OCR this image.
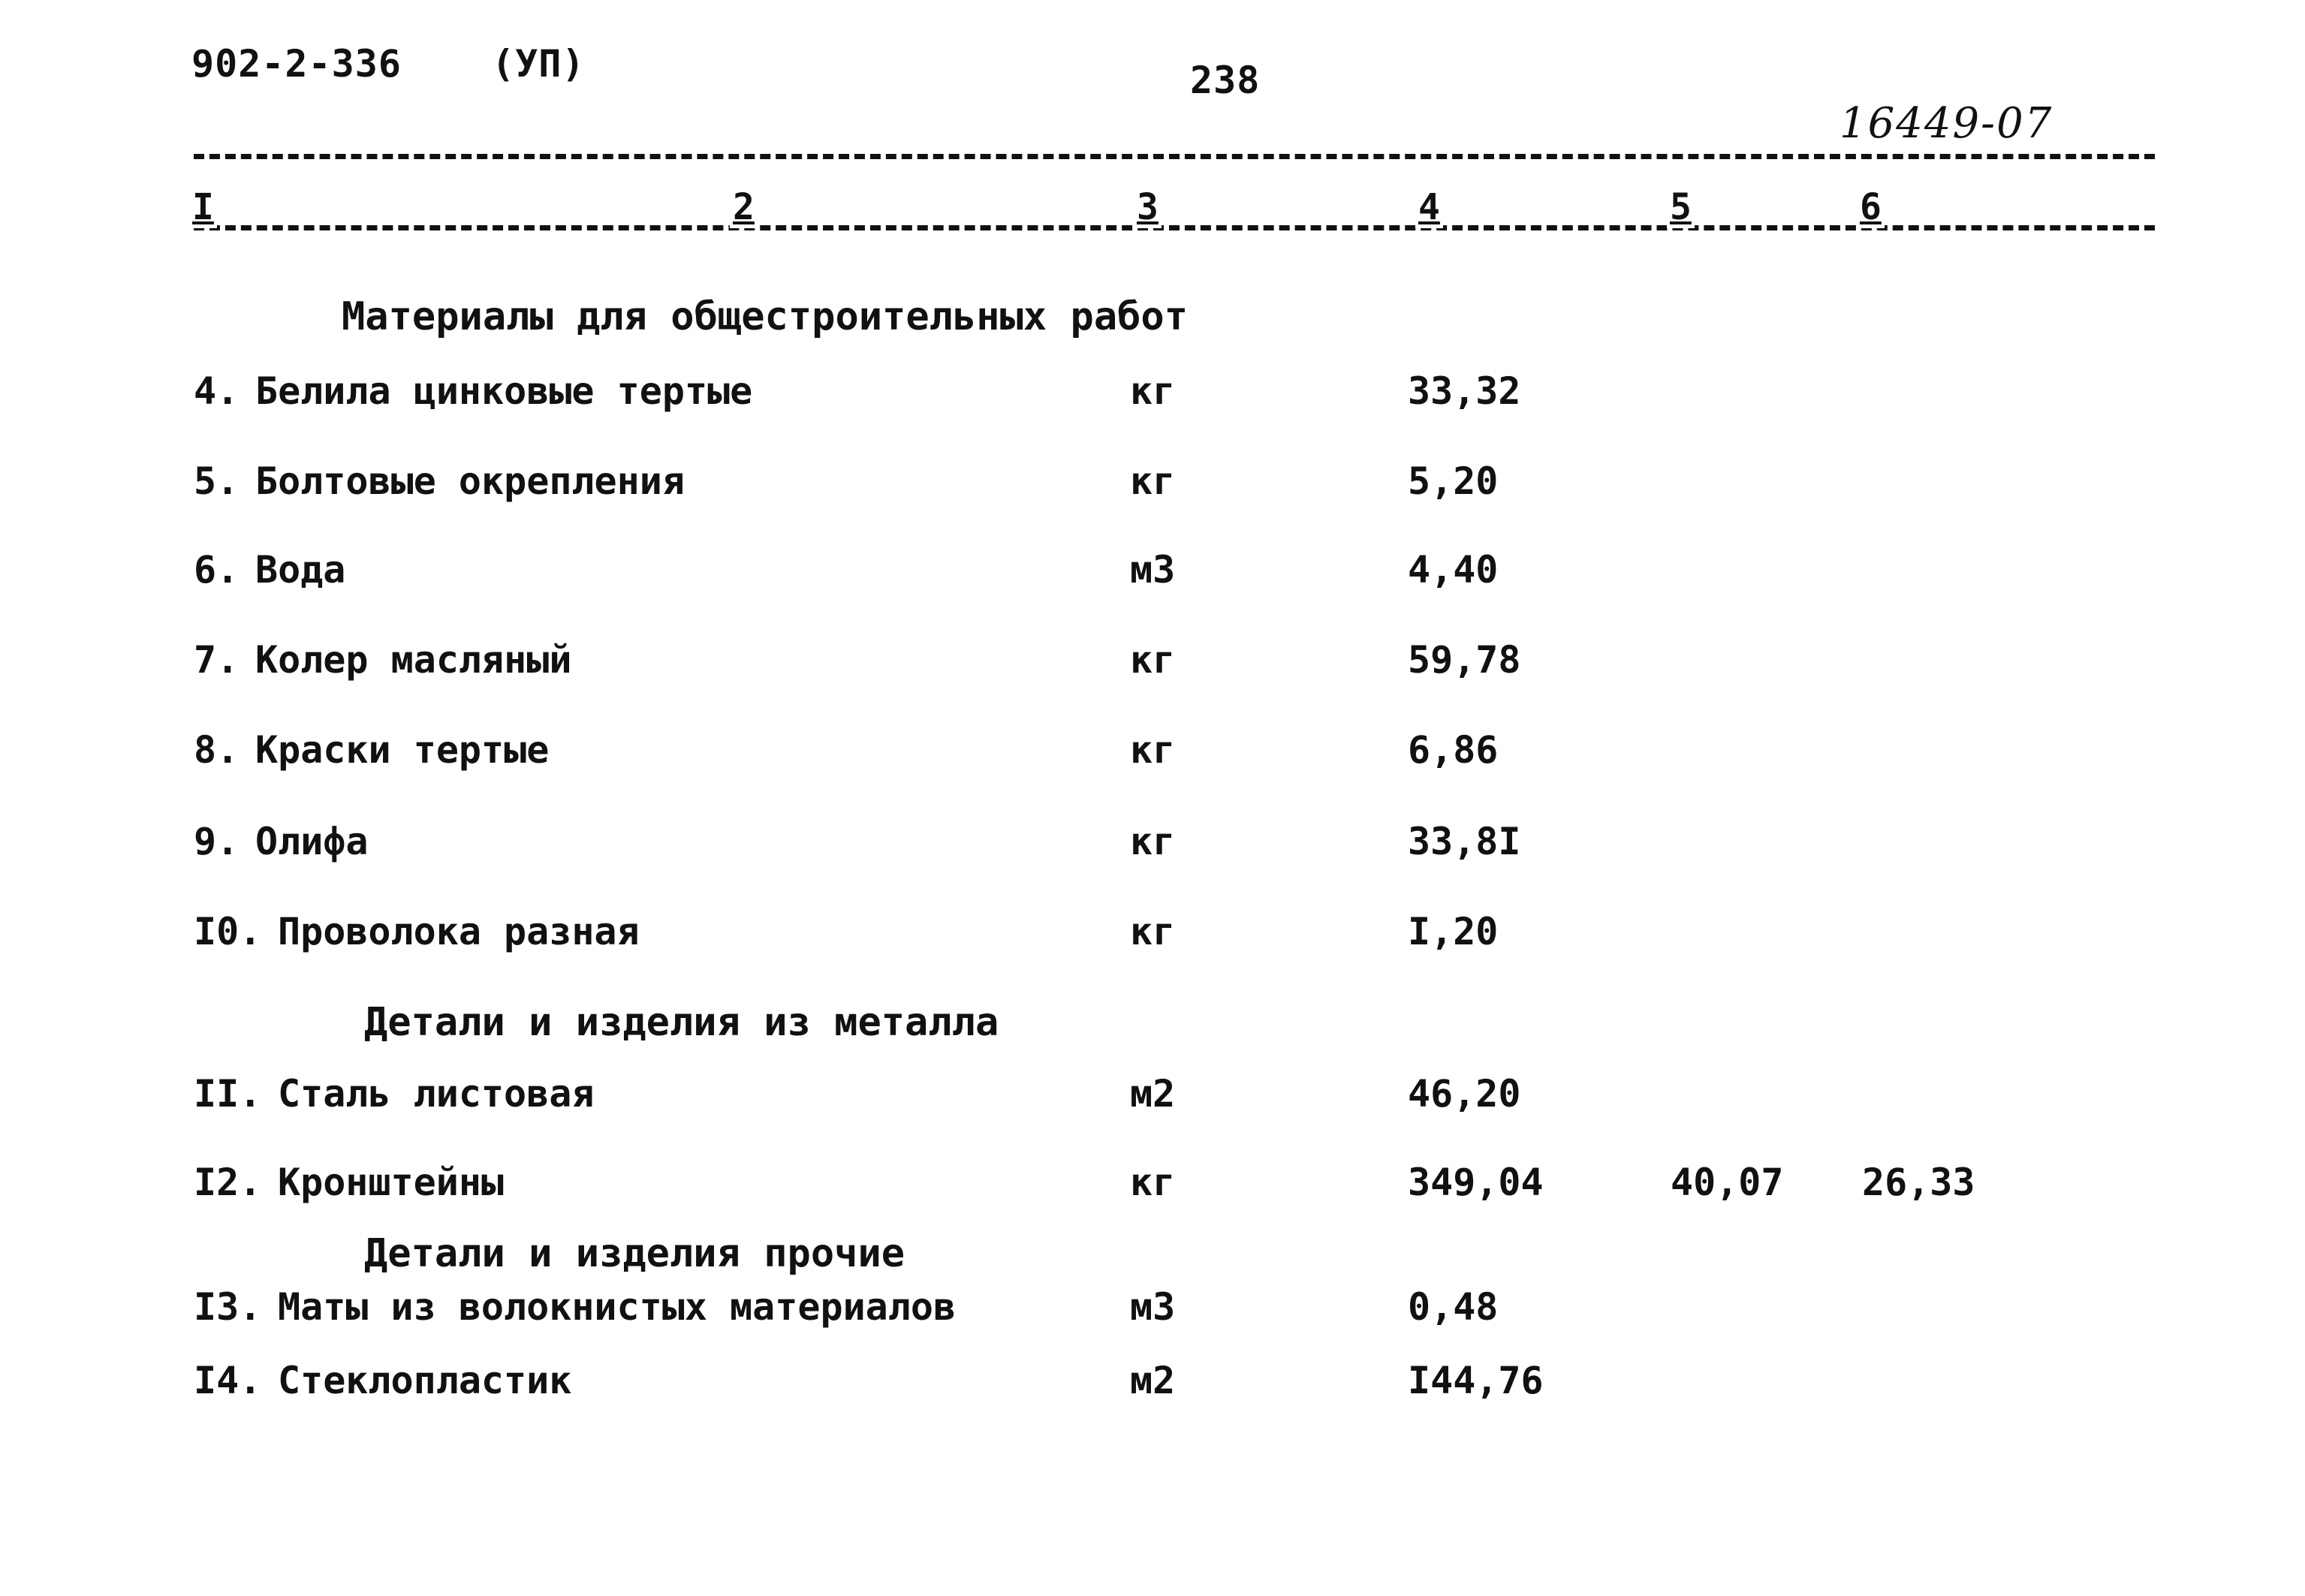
902-2-336 (УП)	238
16449-07
I	2	3	4	5	6
Материалы для общестроительных работ
4. Белила цинковые тертые	кг	33,32
5. Болтовые окрепления	кг	5,20
6. Вода	м3	4,40
7. Колер масляный	кг	59,78
8. Краски тертые	кг	6,86
9. Олифа	кг	33,8I
I0. Проволока разная	кг	I,20
Детали и изделия из металла
II. Сталь листовая	м2	46,20
I2. Кронштейны	кг	349,04	40,07 26,33
Детали и изделия прочие
I3. Маты из волокнистых материалов	м3	0,48
I4. Стеклопластик	м2	I44,76
